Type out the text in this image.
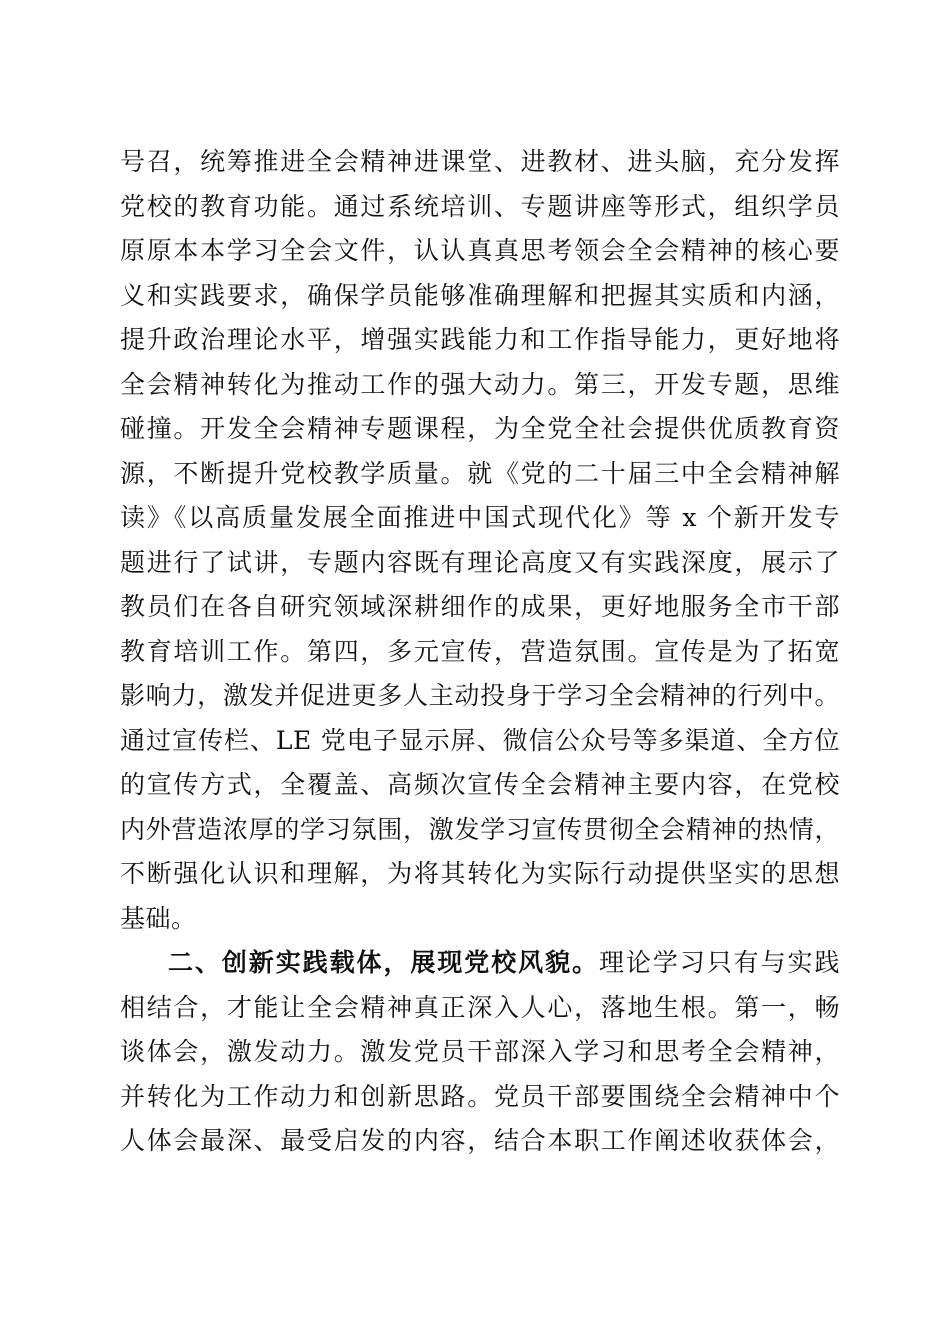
号召，统筹推进全会精神进课堂、进教材、进头脑，充分发挥
党校的教育功能。通过系统培训、专题讲座等形式，组织学员
原原本本学习全会文件，认认真真思考领会全会精神的核心要
义和实践要求，确保学员能够准确理解和把握其实质和内涵，
提升政治理论水平，增强实践能力和工作指导能力，更好地将
全会精神转化为推动工作的强大动力。第三，开发专题，思维
碰撞。开发全会精神专题课程，为全党全社会提供优质教育资
源，不断提升党校教学质量。就《党的二十届三中全会精神解
读》《以高质量发展全面推进中国式现代化》等 x 个新开发专
题进行了试讲，专题内容既有理论高度又有实践深度，展示了
教员们在各自研究领域深耕细作的成果，更好地服务全市干部
教育培训工作。第四，多元宣传，营造氛围。宣传是为了拓宽
影响力，激发并促进更多人主动投身于学习全会精神的行列中。
通过宣传栏、LE 党电子显示屏、微信公众号等多渠道、全方位
的宣传方式，全覆盖、高频次宣传全会精神主要内容，在党校
内外营造浓厚的学习氛围，激发学习宣传贯彻全会精神的热情，
不断强化认识和理解，为将其转化为实际行动提供坚实的思想
基础。
二、创新实践载体，展现党校风貌。理论学习只有与实践
相结合，才能让全会精神真正深入人心，落地生根。第一，畅
谈体会，激发动力。激发党员干部深入学习和思考全会精神，
并转化为工作动力和创新思路。党员干部要围绕全会精神中个
人体会最深、最受启发的内容，结合本职工作阐述收获体会，
